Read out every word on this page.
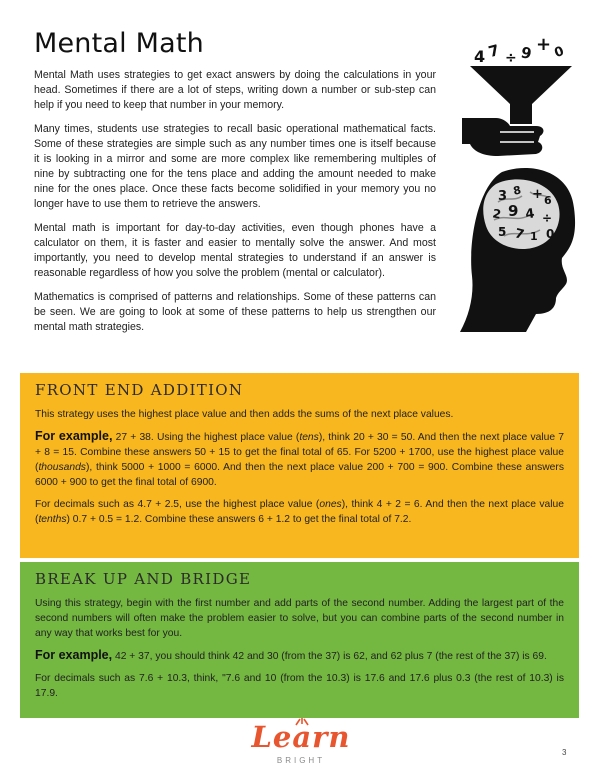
Mental Math

Mental Math uses strategies to get exact answers by doing the calculations in your head. Sometimes if there are a lot of steps, writing down a number or sub-step can help if you need to keep that number in your memory.

Many times, students use strategies to recall basic operational mathematical facts. Some of these strategies are simple such as any number times one is itself because it is looking in a mirror and some are more complex like remembering multiples of nine by subtracting one for the tens place and adding the amount needed to make nine for the ones place. Once these facts become solidified in your memory you no longer have to use them to retrieve the answers.

Mental math is important for day-to-day activities, even though phones have a calculator on them, it is faster and easier to mentally solve the answer. And most importantly, you need to develop mental strategies to understand if an answer is reasonable regardless of how you solve the problem (mental or calculator).

Mathematics is comprised of patterns and relationships. Some of these patterns can be seen. We are going to look at some of these patterns to help us strengthen our mental math strategies.

4 7 ÷ 9 + 0
3 8 + 6
2 9 4 ÷
5 7 1 0
FRONT END ADDITION

This strategy uses the highest place value and then adds the sums of the next place values.

For example, 27 + 38. Using the highest place value (tens), think 20 + 30 = 50. And then the next place value 7 + 8 = 15. Combine these answers 50 + 15 to get the final total of 65. For 5200 + 1700, use the highest place value (thousands), think 5000 + 1000 = 6000. And then the next place value 200 + 700 = 900. Combine these answers 6000 + 900 to get the final total of 6900.

For decimals such as 4.7 + 2.5, use the highest place value (ones), think 4 + 2 = 6. And then the next place value (tenths) 0.7 + 0.5 = 1.2. Combine these answers 6 + 1.2 to get the final total of 7.2.

BREAK UP AND BRIDGE

Using this strategy, begin with the first number and add parts of the second number. Adding the largest part of the second numbers will often make the problem easier to solve, but you can combine parts of the second number in any way that works best for you.

For example, 42 + 37, you should think 42 and 30 (from the 37) is 62, and 62 plus 7 (the rest of the 37) is 69.

For decimals such as 7.6 + 10.3, think, "7.6 and 10 (from the 10.3) is 17.6 and 17.6 plus 0.3 (the rest of 10.3) is 17.9.

Learn
BRIGHT
3
